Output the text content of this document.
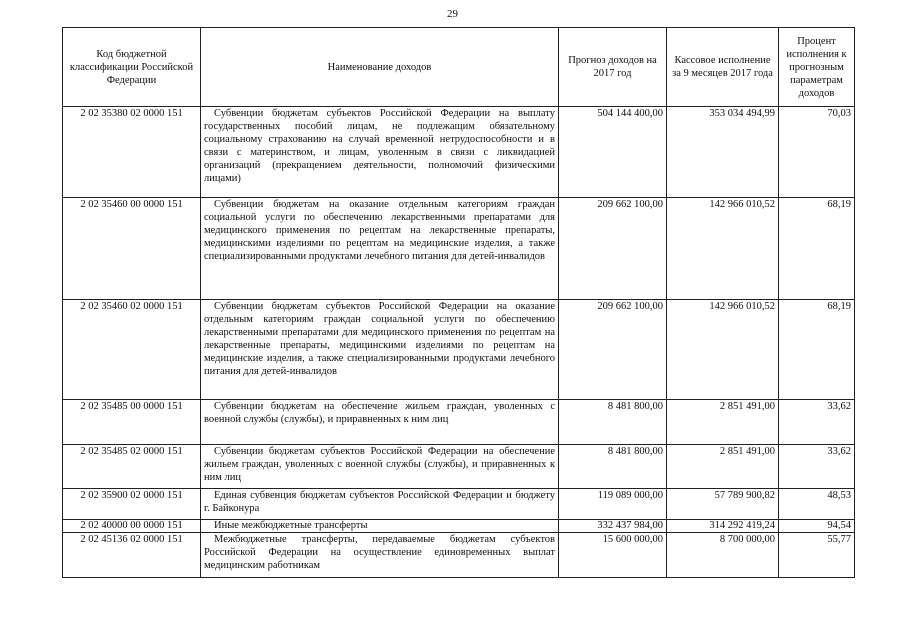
29
Код бюджетной классификации Российской Федерации	Наименование доходов	Прогноз доходов на 2017 год	Кассовое исполнение за 9 месяцев 2017 года	Процент исполнения к прогнозным параметрам доходов
2 02 35380 02 0000 151	Субвенции бюджетам субъектов Российской Федерации на выплату государственных пособий лицам, не подлежащим обязательному социальному страхованию на случай временной нетрудоспособности и в связи с материнством, и лицам, уволенным в связи с ликвидацией организаций (прекращением деятельности, полномочий физическими лицами)	504 144 400,00	353 034 494,99	70,03
2 02 35460 00 0000 151	Субвенции бюджетам на оказание отдельным категориям граждан социальной услуги по обеспечению лекарственными препаратами для медицинского применения по рецептам на лекарственные препараты, медицинскими изделиями по рецептам на медицинские изделия, а также специализированными продуктами лечебного питания для детей-инвалидов	209 662 100,00	142 966 010,52	68,19
2 02 35460 02 0000 151	Субвенции бюджетам субъектов Российской Федерации на оказание отдельным категориям граждан социальной услуги по обеспечению лекарственными препаратами для медицинского применения по рецептам на лекарственные препараты, медицинскими изделиями по рецептам на медицинские изделия, а также специализированными продуктами лечебного питания для детей-инвалидов	209 662 100,00	142 966 010,52	68,19
2 02 35485 00 0000 151	Субвенции бюджетам на обеспечение жильем граждан, уволенных с военной службы (службы), и приравненных к ним лиц	8 481 800,00	2 851 491,00	33,62
2 02 35485 02 0000 151	Субвенции бюджетам субъектов Российской Федерации на обеспечение жильем граждан, уволенных с военной службы (службы), и приравненных к ним лиц	8 481 800,00	2 851 491,00	33,62
2 02 35900 02 0000 151	Единая субвенция бюджетам субъектов Российской Федерации и бюджету г. Байконура	119 089 000,00	57 789 900,82	48,53
2 02 40000 00 0000 151	Иные межбюджетные трансферты	332 437 984,00	314 292 419,24	94,54
2 02 45136 02 0000 151	Межбюджетные трансферты, передаваемые бюджетам субъектов Российской Федерации на осуществление единовременных выплат медицинским работникам	15 600 000,00	8 700 000,00	55,77
